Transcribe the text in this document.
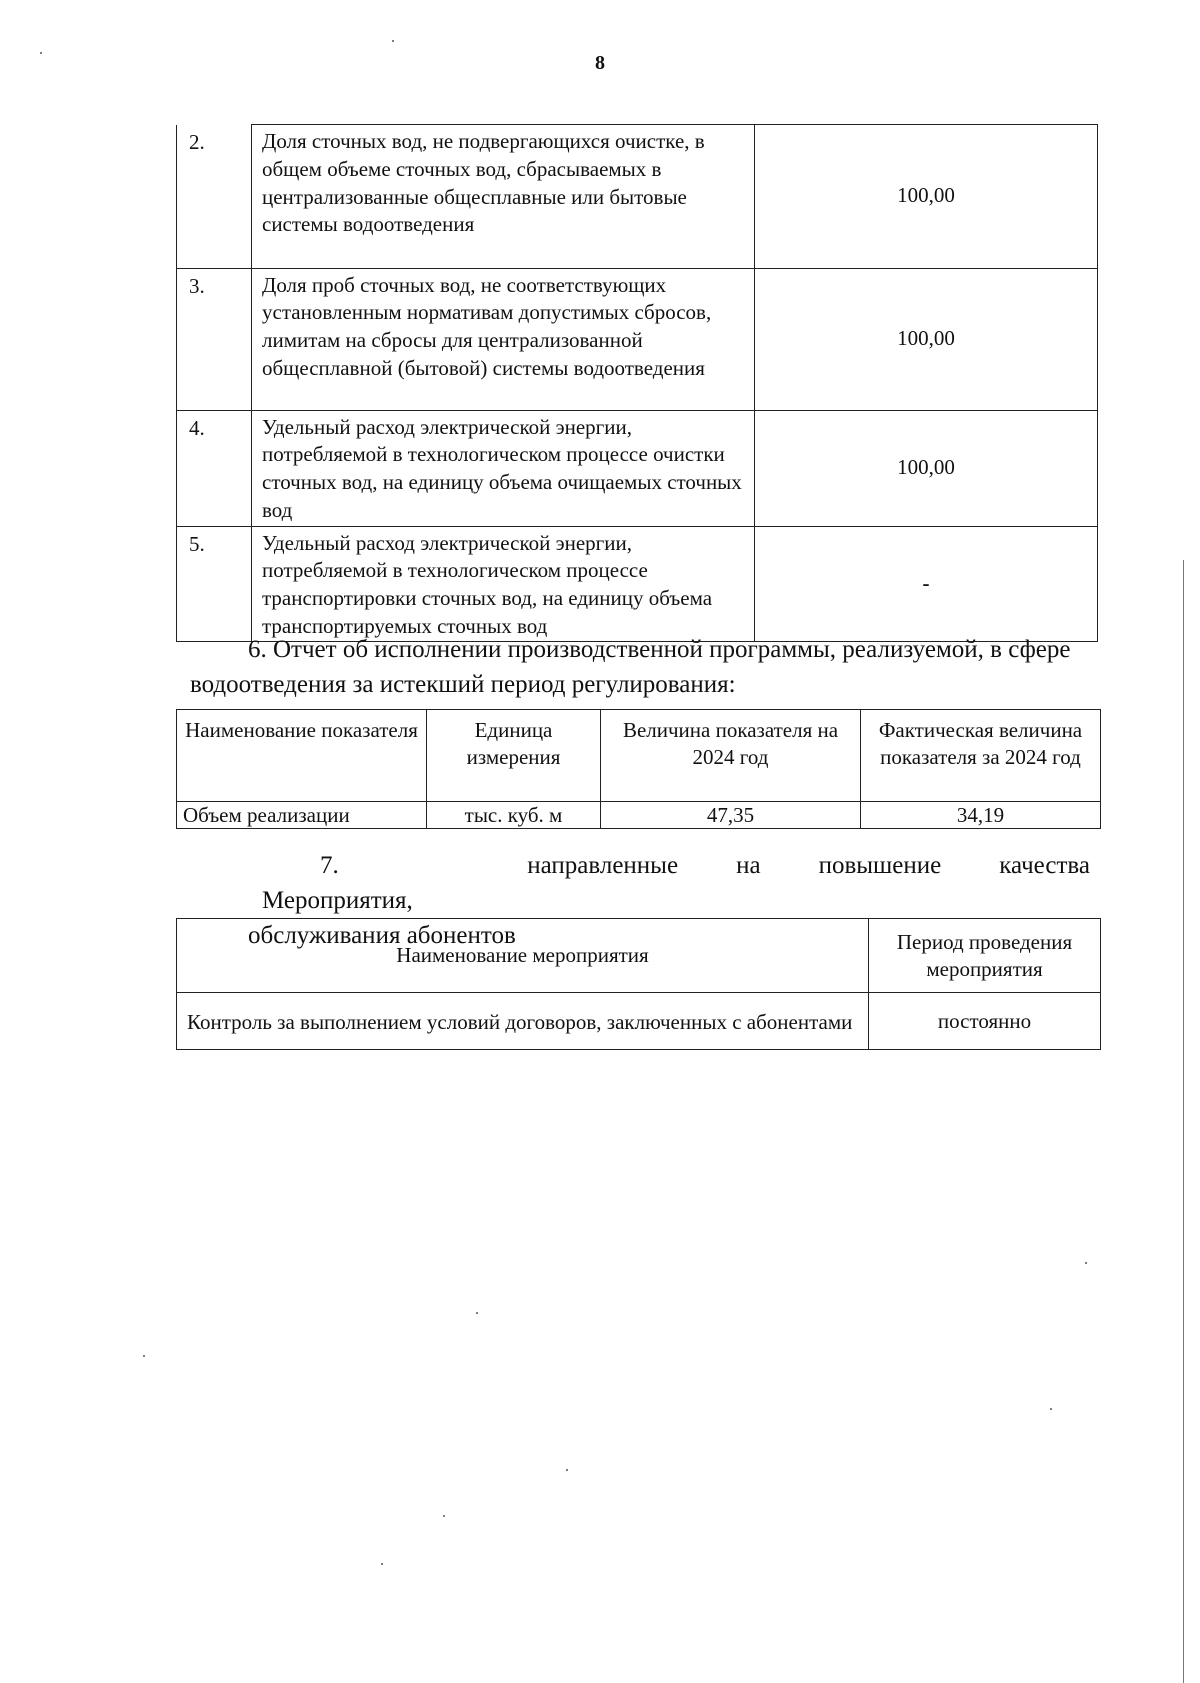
8
2.	Доля сточных вод, не подвергающихся очистке, в общем объеме сточных вод, сбрасываемых в централизованные общесплавные или бытовые системы водоотведения	100,00
3.	Доля проб сточных вод, не соответствующих установленным нормативам допустимых сбросов, лимитам на сбросы для централизованной общесплавной (бытовой) системы водоотведения	100,00
4.	Удельный расход электрической энергии, потребляемой в технологическом процессе очистки сточных вод, на единицу объема очищаемых сточных вод	100,00
5.	Удельный расход электрической энергии, потребляемой в технологическом процессе транспортировки сточных вод, на единицу объема транспортируемых сточных вод	-
6. Отчет об исполнении производственной программы, реализуемой, в сфере водоотведения за истекший период регулирования:
Наименование показателя	Единица измерения	Величина показателя на 2024 год	Фактическая величина показателя за 2024 год
Объем реализации	тыс. куб. м	47,35	34,19
7. Мероприятия,
направленные	на	повышение	качества
обслуживания абонентов
Наименование мероприятия	Период проведения мероприятия
Контроль за выполнением условий договоров, заключенных с абонентами	постоянно
